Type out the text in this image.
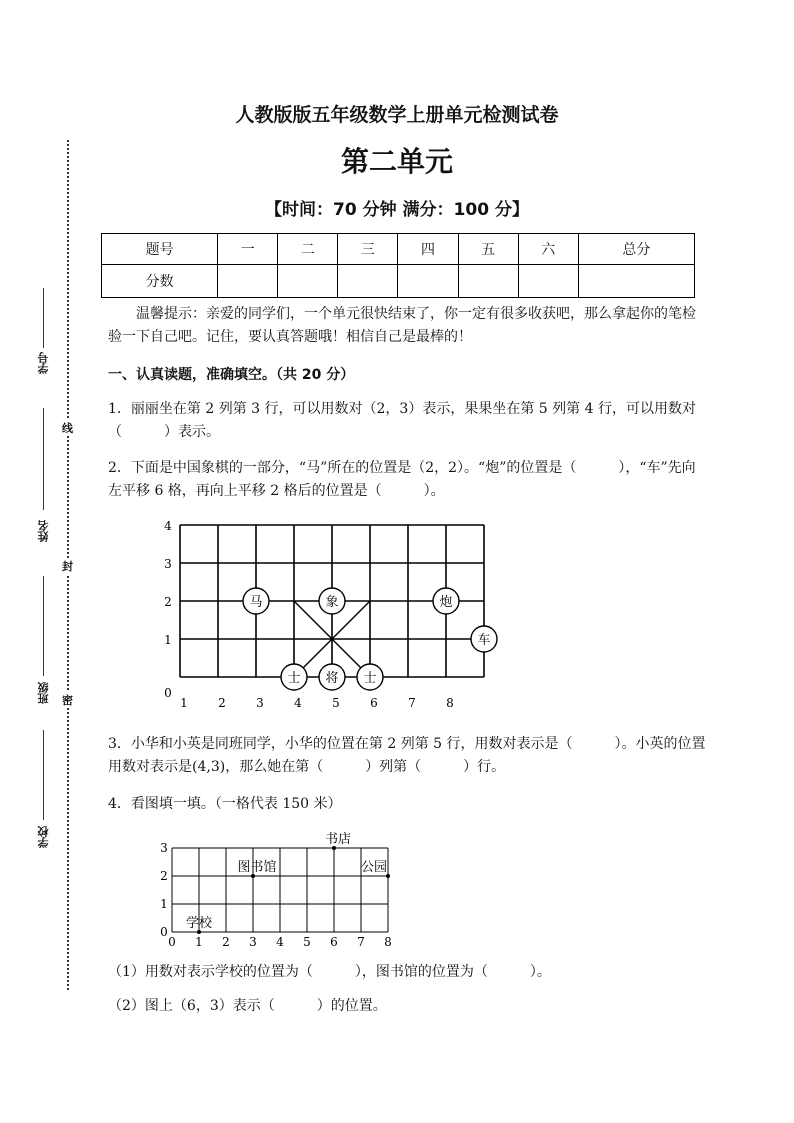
学号
姓名
班级
学校
线
封
密
人教版版五年级数学上册单元检测试卷
第二单元
【时间：70 分钟 满分：100 分】
题号	一	二	三	四	五	六	总分
分数							
温馨提示：亲爱的同学们，一个单元很快结束了，你一定有很多收获吧，那么拿起你的笔检验一下自己吧。记住，要认真答题哦！相信自己是最棒的！
一、认真读题，准确填空。（共 20 分）
1．丽丽坐在第 2 列第 3 行，可以用数对（2，3）表示，果果坐在第 5 列第 4 行，可以用数对（　　　）表示。
2．下面是中国象棋的一部分，“马”所在的位置是（2，2）。“炮”的位置是（　　　），“车”先向左平移 6 格，再向上平移 2 格后的位置是（　　　）。
1	2	3	4	5	6	7	8
0
1
2
3
4
马	象	炮
车
士 将 士
3．小华和小英是同班同学，小华的位置在第 2 列第 5 行，用数对表示是（　　　）。小英的位置用数对表示是(4,3)，那么她在第（　　　）列第（　　　）行。
4．看图填一填。（一格代表 150 米）
0 1 2 3 4 5 6 7 8
0
1
2
3
学校
图书馆
书店
公园
（1）用数对表示学校的位置为（　　　），图书馆的位置为（　　　）。
（2）图上（6，3）表示（　　　）的位置。
